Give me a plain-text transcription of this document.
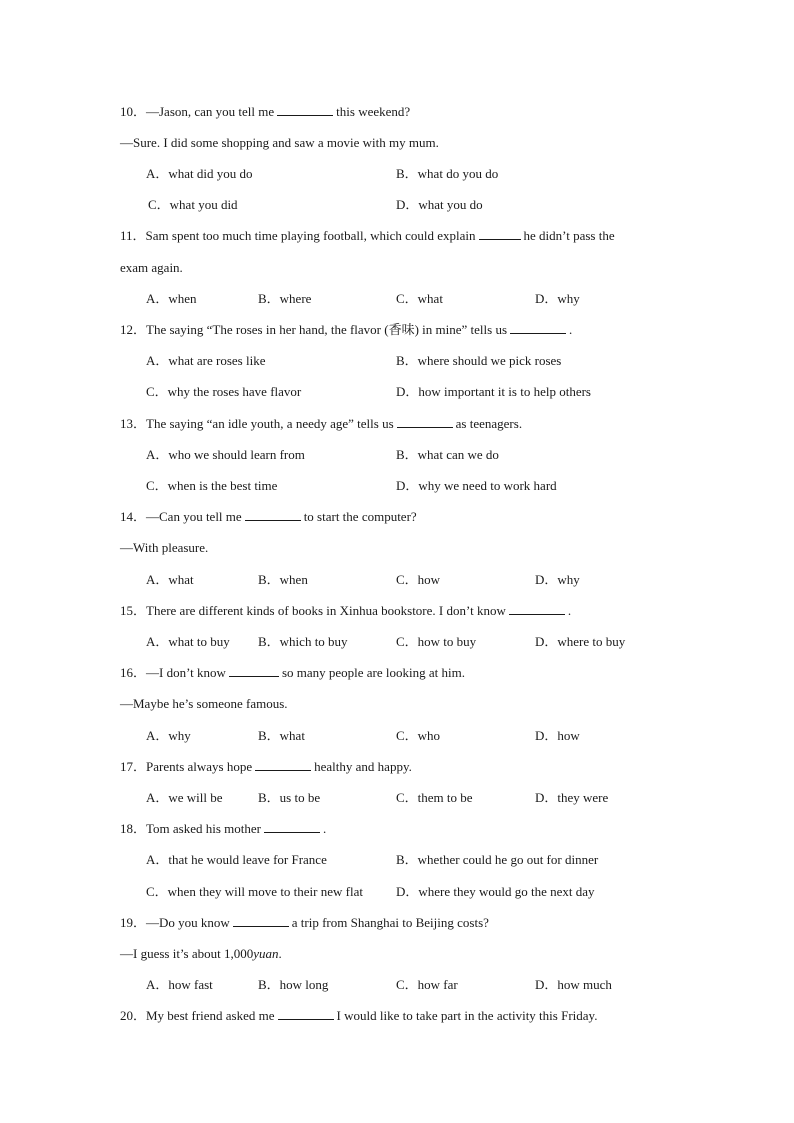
10．—Jason, can you tell me	this weekend?
—Sure. I did some shopping and saw a movie with my mum.
A．what did you do	B．what do you do
C．what you did	D．what you do
11．Sam spent too much time playing football, which could explain	he didn’t pass the
exam again.
A．when	B．where	C．what	D．why
12．The saying “The roses in her hand, the flavor (香味) in mine” tells us	.
A．what are roses like	B．where should we pick roses
C．why the roses have flavor	D．how important it is to help others
13．The saying “an idle youth, a needy age” tells us	as teenagers.
A．who we should learn from	B．what can we do
C．when is the best time	D．why we need to work hard
14．—Can you tell me	to start the computer?
—With pleasure.
A．what	B．when	C．how	D．why
15．There are different kinds of books in Xinhua bookstore. I don’t know	.
A．what to buy B．which to buy	C．how to buy	D．where to buy
16．—I don’t know	so many people are looking at him.
—Maybe he’s someone famous.
A．why	B．what	C．who	D．how
17．Parents always hope	healthy and happy.
A．we will be	B．us to be	C．them to be	D．they were
18．Tom asked his mother	.
A．that he would leave for France	B．whether could he go out for dinner
C．when they will move to their new flat	D．where they would go the next day
19．—Do you know	a trip from Shanghai to Beijing costs?
—I guess it’s about 1,000yuan.
A．how fast	B．how long	C．how far	D．how much
20．My best friend asked me	I would like to take part in the activity this Friday.
